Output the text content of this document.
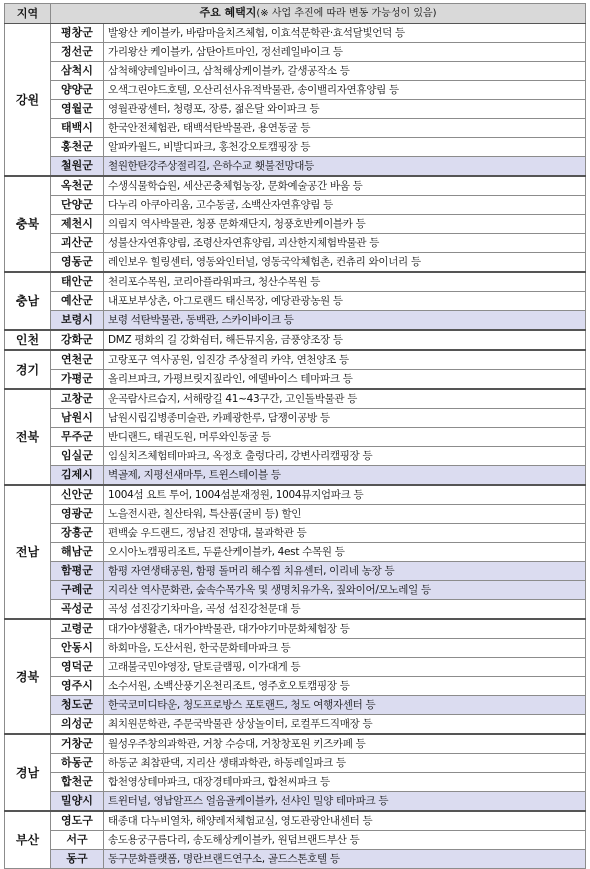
지역	주요 혜택지(※ 사업 추진에 따라 변동 가능성이 있음)	
강원	평창군	발왕산 케이블카, 바람마을치즈체험, 이효석문학관·효석달빛언덕 등
	정선군	가리왕산 케이블카, 삼탄아트마인, 정선레일바이크 등
	삼척시	삼척해양레일바이크, 삼척해상케이블카, 갈생공작소 등
	양양군	오색그린야드호텔, 오산리선사유적박물관, 송이밸리자연휴양림 등
	영월군	영월관광센터, 청령포, 장릉, 젊은달 와이파크 등
	태백시	한국안전체험관, 태백석탄박물관, 용연동굴 등
	홍천군	알파카월드, 비발디파크, 홍천강오토캠핑장 등
	철원군	철원한탄강주상절리길, 은하수교 횃불전망대등
충북	옥천군	수생식물학습원, 세산곤충체험농장, 문화예술공간 바움 등
	단양군	다누리 아쿠아리움, 고수동굴, 소백산자연휴양림 등
	제천시	의림지 역사박물관, 청풍 문화재단지, 청풍호반케이블카 등
	괴산군	성불산자연휴양림, 조령산자연휴양림, 괴산한지체험박물관 등
	영동군	레인보우 힐링센터, 영동와인터널, 영동국악체험촌, 컨츄리 와이너리 등
충남	태안군	천리포수목원, 코리아플라워파크, 청산수목원 등
	예산군	내포보부상촌, 아그로랜드 태신목장, 예당관광농원 등
	보령시	보령 석탄박물관, 동백관, 스카이바이크 등
인천	강화군	DMZ 평화의 길 강화쉼터, 해든뮤지움, 금풍양조장 등
경기	연천군	고랑포구 역사공원, 임진강 주상절리 카약, 연천양조 등
	가평군	올리브파크, 가평브릿지짚라인, 에델바이스 테마파크 등
전북	고창군	운곡람사르습지, 서해랑길 41~43구간, 고인돌박물관 등
	남원시	남원시립김병종미술관, 카페광한루, 담쟁이공방 등
	무주군	반디랜드, 태권도원, 머루와인동굴 등
	임실군	임실치즈체험테마파크, 옥정호 출렁다리, 강변사리캠핑장 등
	김제시	벽골제, 지평선새마투, 트윈스테이블 등
전남	신안군	1004섬 요트 투어, 1004섬분재정원, 1004뮤지엄파크 등
	영광군	노을전시관, 칠산타워, 특산품(굴비 등) 할인
	장흥군	편백숲 우드랜드, 정남진 전망대, 물과학관 등
	해남군	오시아노캠핑리조트, 두륜산케이블카, 4est 수목원 등
	함평군	함평 자연생태공원, 함평 돌머리 해수찜 치유센터, 이리네 농장 등
	구례군	지리산 역사문화관, 숲속수목가옥 및 생명치유가옥, 짚와이어/모노레일 등
	곡성군	곡성 섬진강기차마을, 곡성 섬진강천문대 등
경북	고령군	대가야생활촌, 대가야박물관, 대가야기마문화체험장 등
	안동시	하회마을, 도산서원, 한국문화테마파크 등
	영덕군	고래불국민야영장, 달토글램핑, 이가대게 등
	영주시	소수서원, 소백산풍기온천리조트, 영주호오토캠핑장 등
	청도군	한국코미디타운, 청도프로방스 포토랜드, 청도 여행자센터 등
	의성군	최치원문학관, 주문국박물관 상상놀이터, 로컬푸드직매장 등
경남	거창군	월성우주창의과학관, 거창 수승대, 거창창포원 키즈카페 등
	하동군	하동군 최참판댁, 지리산 생태과학관, 하동레일파크 등
	합천군	합천영상테마파크, 대장경테마파크, 합천씨파크 등
	밀양시	트윈터널, 영남알프스 얼음골케이블카, 선샤인 밀양 테마파크 등
부산	영도구	태종대 다누비열차, 해양레저체험교실, 영도관광안내센터 등
	서구	송도용궁구름다리, 송도해상케이블카, 원덤브랜드부산 등
	동구	동구문화플랫폼, 명란브랜드연구소, 골드스톤호텔 등
